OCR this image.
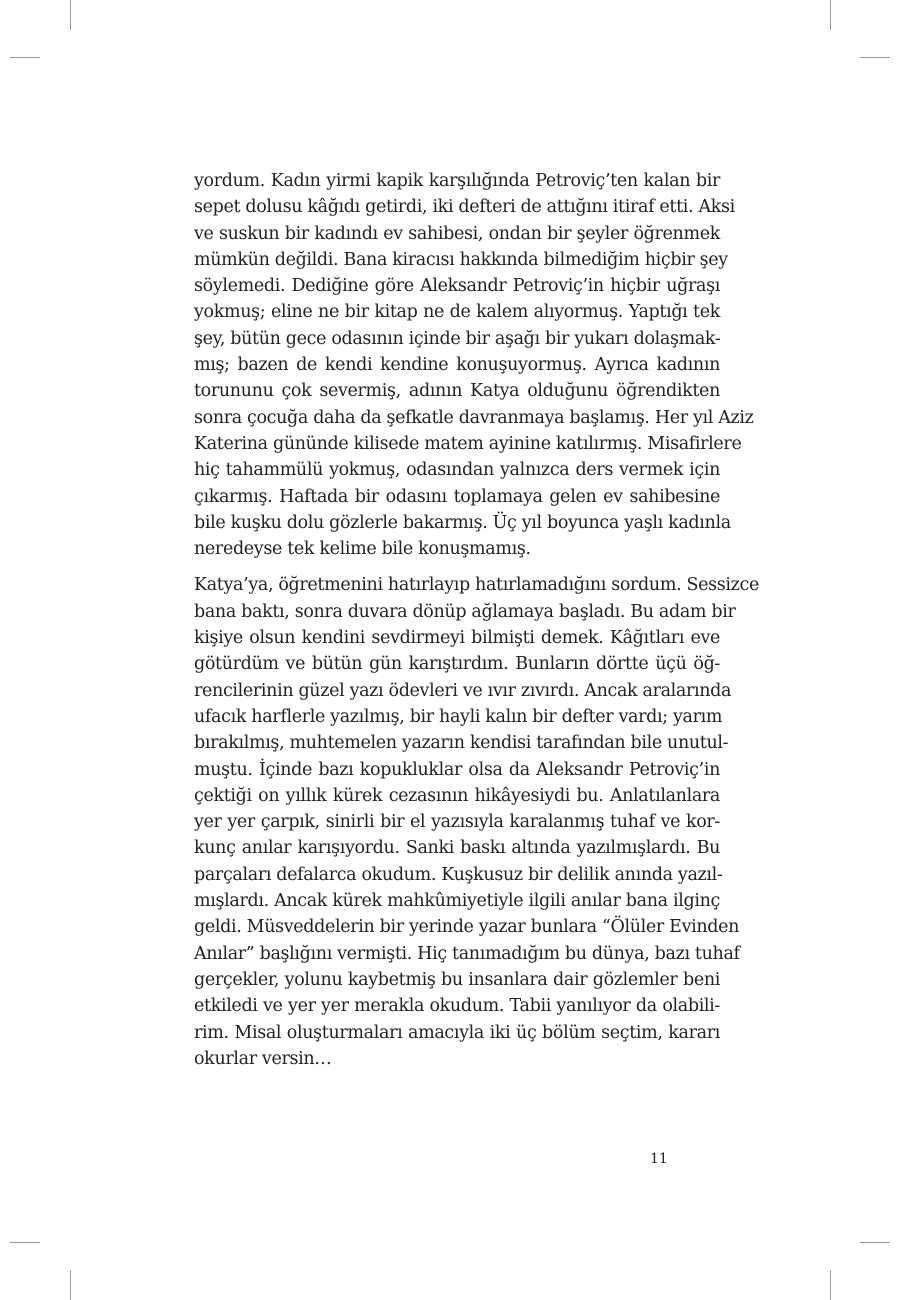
yordum. Kadın yirmi kapik karşılığında Petroviç’ten kalan bir
sepet dolusu kâğıdı getirdi, iki defteri de attığını itiraf etti. Aksi
ve suskun bir kadındı ev sahibesi, ondan bir şeyler öğrenmek
mümkün değildi. Bana kiracısı hakkında bilmediğim hiçbir şey
söylemedi. Dediğine göre Aleksandr Petroviç’in hiçbir uğraşı
yokmuş; eline ne bir kitap ne de kalem alıyormuş. Yaptığı tek
şey, bütün gece odasının içinde bir aşağı bir yukarı dolaşmak-
mış; bazen de kendi kendine konuşuyormuş. Ayrıca kadının
torununu çok severmiş, adının Katya olduğunu öğrendikten
sonra çocuğa daha da şefkatle davranmaya başlamış. Her yıl Aziz
Katerina gününde kilisede matem ayinine katılırmış. Misafirlere
hiç tahammülü yokmuş, odasından yalnızca ders vermek için
çıkarmış. Haftada bir odasını toplamaya gelen ev sahibesine
bile kuşku dolu gözlerle bakarmış. Üç yıl boyunca yaşlı kadınla
neredeyse tek kelime bile konuşmamış.
Katya’ya, öğretmenini hatırlayıp hatırlamadığını sordum. Sessizce
bana baktı, sonra duvara dönüp ağlamaya başladı. Bu adam bir
kişiye olsun kendini sevdirmeyi bilmişti demek. Kâğıtları eve
götürdüm ve bütün gün karıştırdım. Bunların dörtte üçü öğ-
rencilerinin güzel yazı ödevleri ve ıvır zıvırdı. Ancak aralarında
ufacık harflerle yazılmış, bir hayli kalın bir defter vardı; yarım
bırakılmış, muhtemelen yazarın kendisi tarafından bile unutul-
muştu. İçinde bazı kopukluklar olsa da Aleksandr Petroviç’in
çektiği on yıllık kürek cezasının hikâyesiydi bu. Anlatılanlara
yer yer çarpık, sinirli bir el yazısıyla karalanmış tuhaf ve kor-
kunç anılar karışıyordu. Sanki baskı altında yazılmışlardı. Bu
parçaları defalarca okudum. Kuşkusuz bir delilik anında yazıl-
mışlardı. Ancak kürek mahkûmiyetiyle ilgili anılar bana ilginç
geldi. Müsveddelerin bir yerinde yazar bunlara “Ölüler Evinden
Anılar” başlığını vermişti. Hiç tanımadığım bu dünya, bazı tuhaf
gerçekler, yolunu kaybetmiş bu insanlara dair gözlemler beni
etkiledi ve yer yer merakla okudum. Tabii yanılıyor da olabili-
rim. Misal oluşturmaları amacıyla iki üç bölüm seçtim, kararı
okurlar versin…
11
